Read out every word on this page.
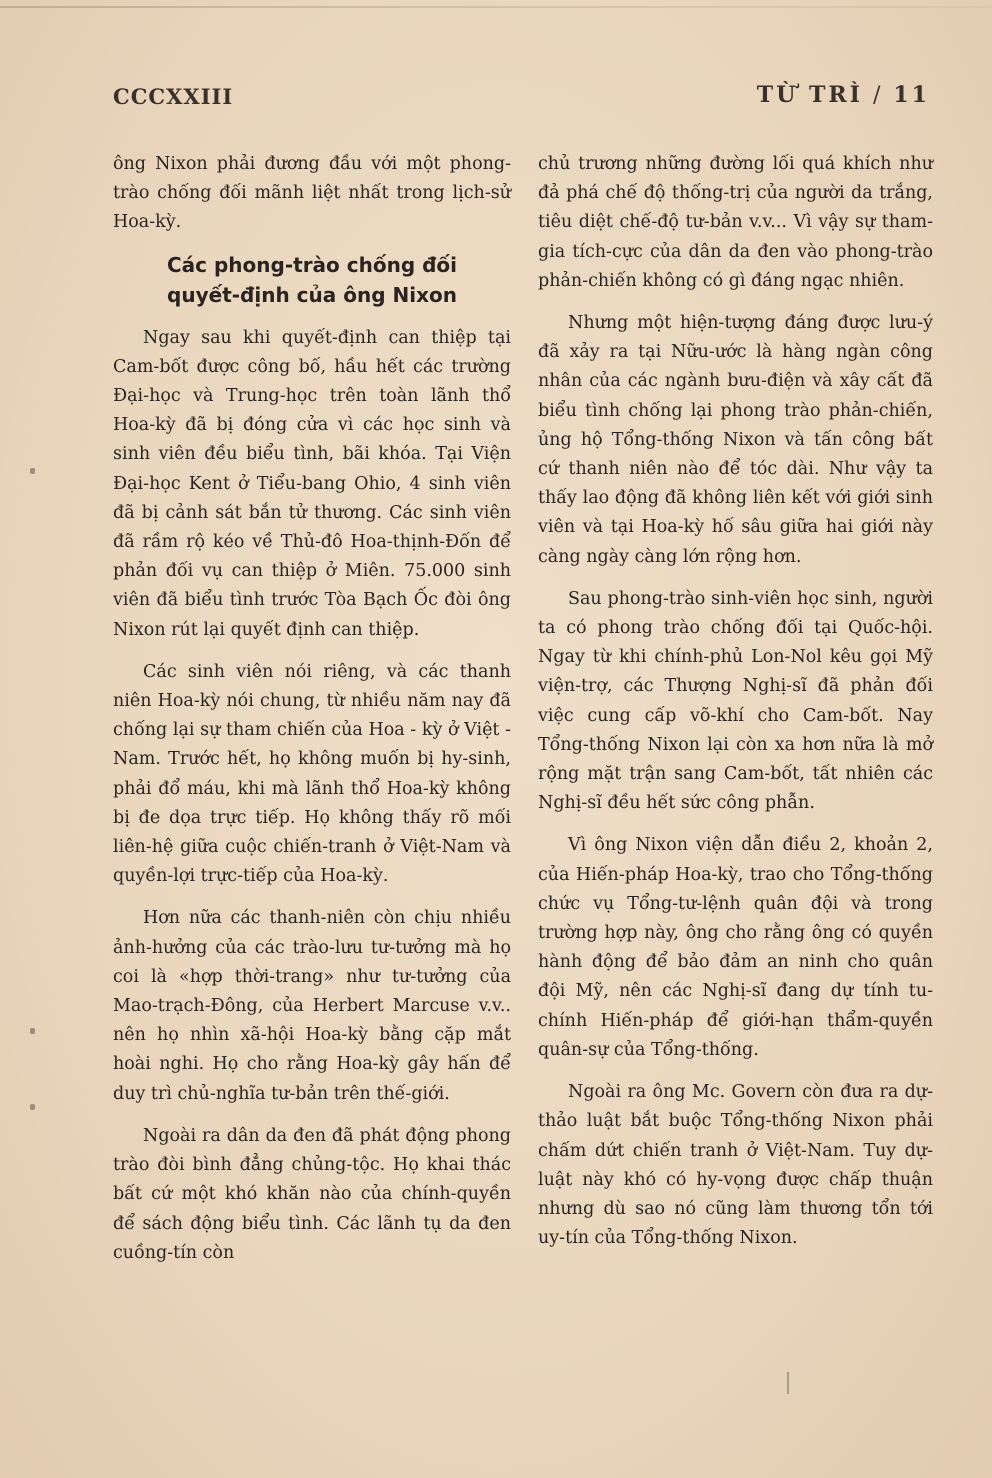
CCCXXIII	TỪ TRÌ / 11

ông Nixon phải đương đầu với một phong-trào chống đối mãnh liệt nhất trong lịch-sử Hoa-kỳ.

Các phong-trào chống đối
quyết-định của ông Nixon

Ngay sau khi quyết-định can thiệp tại Cam-bốt được công bố, hầu hết các trường Đại-học và Trung-học trên toàn lãnh thổ Hoa-kỳ đã bị đóng cửa vì các học sinh và sinh viên đều biểu tình, bãi khóa. Tại Viện Đại-học Kent ở Tiểu-bang Ohio, 4 sinh viên đã bị cảnh sát bắn tử thương. Các sinh viên đã rầm rộ kéo về Thủ-đô Hoa-thịnh-Đốn để phản đối vụ can thiệp ở Miên. 75.000 sinh viên đã biểu tình trước Tòa Bạch Ốc đòi ông Nixon rút lại quyết định can thiệp.

Các sinh viên nói riêng, và các thanh niên Hoa-kỳ nói chung, từ nhiều năm nay đã chống lại sự tham chiến của Hoa - kỳ ở Việt - Nam. Trước hết, họ không muốn bị hy-sinh, phải đổ máu, khi mà lãnh thổ Hoa-kỳ không bị đe dọa trực tiếp. Họ không thấy rõ mối liên-hệ giữa cuộc chiến-tranh ở Việt-Nam và quyền-lợi trực-tiếp của Hoa-kỳ.

Hơn nữa các thanh-niên còn chịu nhiều ảnh-hưởng của các trào-lưu tư-tưởng mà họ coi là «hợp thời-trang» như tư-tưởng của Mao-trạch-Đông, của Herbert Marcuse v.v.. nên họ nhìn xã-hội Hoa-kỳ bằng cặp mắt hoài nghi. Họ cho rằng Hoa-kỳ gây hấn để duy trì chủ-nghĩa tư-bản trên thế-giới.

Ngoài ra dân da đen đã phát động phong trào đòi bình đẳng chủng-tộc. Họ khai thác bất cứ một khó khăn nào của chính-quyền để sách động biểu tình. Các lãnh tụ da đen cuồng-tín còn

chủ trương những đường lối quá khích như đả phá chế độ thống-trị của người da trắng, tiêu diệt chế-độ tư-bản v.v... Vì vậy sự tham-gia tích-cực của dân da đen vào phong-trào phản-chiến không có gì đáng ngạc nhiên.

Nhưng một hiện-tượng đáng được lưu-ý đã xảy ra tại Nữu-ước là hàng ngàn công nhân của các ngành bưu-điện và xây cất đã biểu tình chống lại phong trào phản-chiến, ủng hộ Tổng-thống Nixon và tấn công bất cứ thanh niên nào để tóc dài. Như vậy ta thấy lao động đã không liên kết với giới sinh viên và tại Hoa-kỳ hố sâu giữa hai giới này càng ngày càng lớn rộng hơn.

Sau phong-trào sinh-viên học sinh, người ta có phong trào chống đối tại Quốc-hội. Ngay từ khi chính-phủ Lon-Nol kêu gọi Mỹ viện-trợ, các Thượng Nghị-sĩ đã phản đối việc cung cấp võ-khí cho Cam-bốt. Nay Tổng-thống Nixon lại còn xa hơn nữa là mở rộng mặt trận sang Cam-bốt, tất nhiên các Nghị-sĩ đều hết sức công phẫn.

Vì ông Nixon viện dẫn điều 2, khoản 2, của Hiến-pháp Hoa-kỳ, trao cho Tổng-thống chức vụ Tổng-tư-lệnh quân đội và trong trường hợp này, ông cho rằng ông có quyền hành động để bảo đảm an ninh cho quân đội Mỹ, nên các Nghị-sĩ đang dự tính tu-chính Hiến-pháp để giới-hạn thẩm-quyền quân-sự của Tổng-thống.

Ngoài ra ông Mc. Govern còn đưa ra dự-thảo luật bắt buộc Tổng-thống Nixon phải chấm dứt chiến tranh ở Việt-Nam. Tuy dự-luật này khó có hy-vọng được chấp thuận nhưng dù sao nó cũng làm thương tổn tới uy-tín của Tổng-thống Nixon.
